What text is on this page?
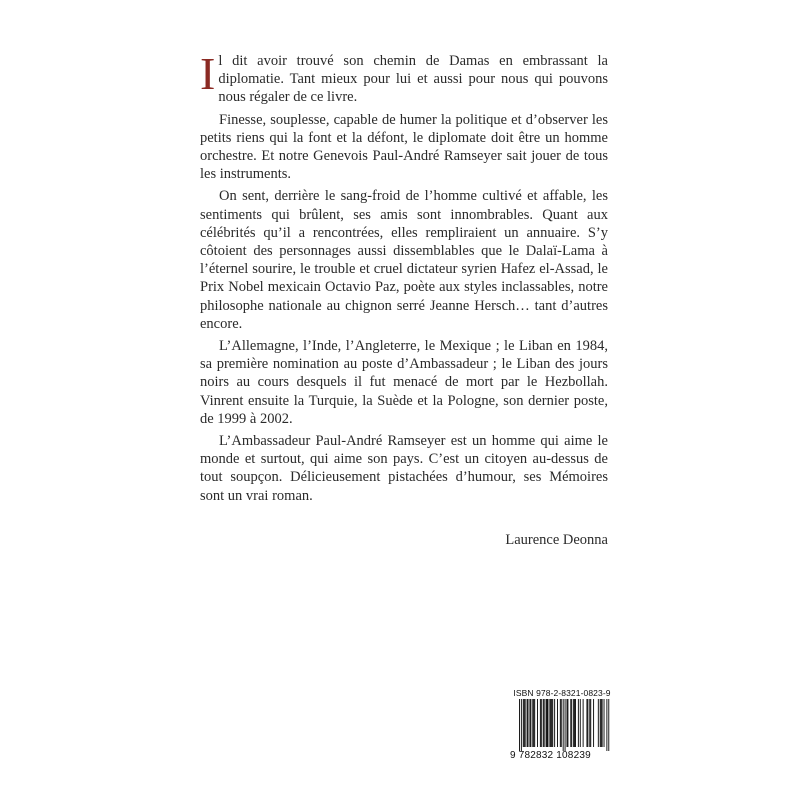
Il dit avoir trouvé son chemin de Damas en embrassant la diplomatie. Tant mieux pour lui et aussi pour nous qui pouvons nous régaler de ce livre.

Finesse, souplesse, capable de humer la politique et d’observer les petits riens qui la font et la défont, le diplomate doit être un homme orchestre. Et notre Genevois Paul-André Ramseyer sait jouer de tous les instruments.

On sent, derrière le sang-froid de l’homme cultivé et affable, les sentiments qui brûlent, ses amis sont innombrables. Quant aux célébrités qu’il a rencontrées, elles rempliraient un annuaire. S’y côtoient des personnages aussi dissemblables que le Dalaï-Lama à l’éternel sourire, le trouble et cruel dictateur syrien Hafez el-Assad, le Prix Nobel mexicain Octavio Paz, poète aux styles inclassables, notre philosophe nationale au chignon serré Jeanne Hersch… tant d’autres encore.

L’Allemagne, l’Inde, l’Angleterre, le Mexique ; le Liban en 1984, sa première nomination au poste d’Ambassadeur ; le Liban des jours noirs au cours desquels il fut menacé de mort par le Hezbollah. Vinrent ensuite la Turquie, la Suède et la Pologne, son dernier poste, de 1999 à 2002.

L’Ambassadeur Paul-André Ramseyer est un homme qui aime le monde et surtout, qui aime son pays. C’est un citoyen au-dessus de tout soupçon. Délicieusement pistachées d’humour, ses Mémoires sont un vrai roman.

Laurence Deonna
ISBN 978-2-8321-0823-9
9 782832 108239
